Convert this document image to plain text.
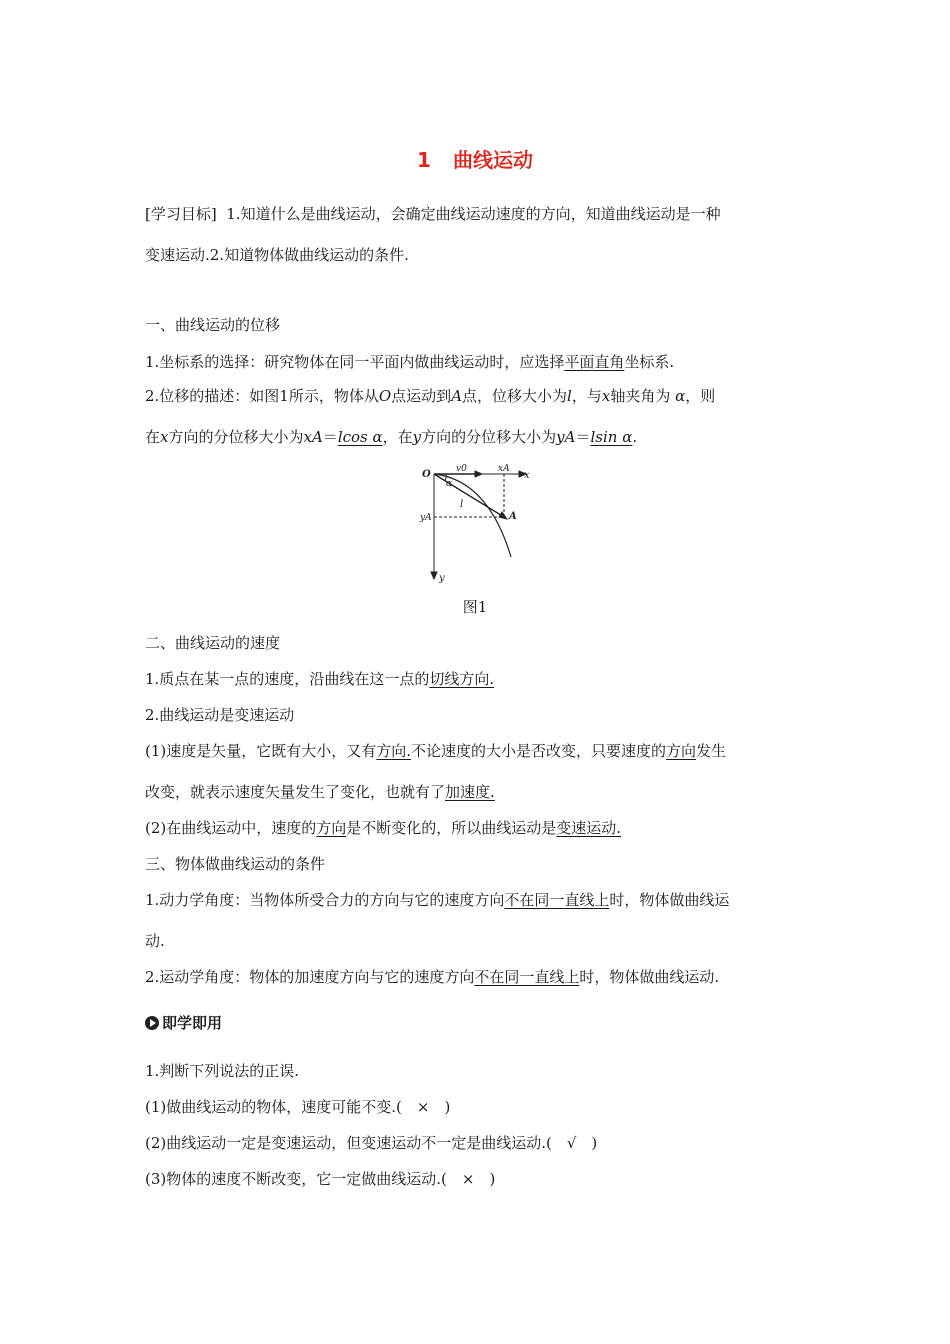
1 曲线运动
[学习目标] 1.知道什么是曲线运动，会确定曲线运动速度的方向，知道曲线运动是一种
变速运动.2.知道物体做曲线运动的条件.
一、曲线运动的位移
1.坐标系的选择：研究物体在同一平面内做曲线运动时，应选择平面直角坐标系.
2.位移的描述：如图1所示，物体从O点运动到A点，位移大小为l，与x轴夹角为 α，则
在x方向的分位移大小为xA＝lcos α，在y方向的分位移大小为yA＝lsin α.
O	v0	xA
x
α
l
yA	A
y
图1
二、曲线运动的速度
1.质点在某一点的速度，沿曲线在这一点的切线方向.
2.曲线运动是变速运动
(1)速度是矢量，它既有大小，又有方向.不论速度的大小是否改变，只要速度的方向发生
改变，就表示速度矢量发生了变化，也就有了加速度.
(2)在曲线运动中，速度的方向是不断变化的，所以曲线运动是变速运动.
三、物体做曲线运动的条件
1.动力学角度：当物体所受合力的方向与它的速度方向不在同一直线上时，物体做曲线运
动.
2.运动学角度：物体的加速度方向与它的速度方向不在同一直线上时，物体做曲线运动.
即学即用
1.判断下列说法的正误.
(1)做曲线运动的物体，速度可能不变.(　×　)
(2)曲线运动一定是变速运动，但变速运动不一定是曲线运动.(　√　)
(3)物体的速度不断改变，它一定做曲线运动.(　×　)
